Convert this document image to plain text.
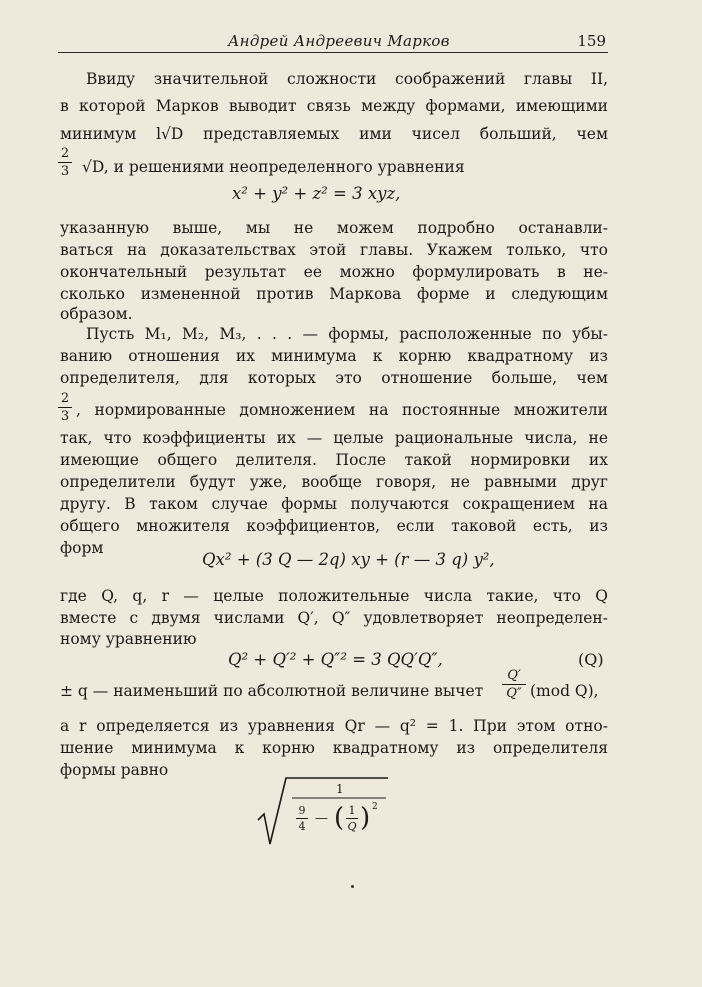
Андрей Андреевич Марков	159
Ввиду значительной сложности соображений главы II,
в которой Марков выводит связь между формами, имеющими
минимум l√D представляемых ими чисел больший, чем
2
3 √D, и решениями неопределенного уравнения
x² + y² + z² = 3 xyz,
указанную выше, мы не можем подробно останавли-
ваться на доказательствах этой главы. Укажем только, что
окончательный результат ее можно формулировать в не-
сколько измененной против Маркова форме и следующим
образом.
Пусть M₁, M₂, M₃, . . . — формы, расположенные по убы-
ванию отношения их минимума к корню квадратному из
определителя, для которых это отношение больше, чем
2
3 , нормированные домножением на постоянные множители
так, что коэффициенты их — целые рациональные числа, не
имеющие общего делителя. После такой нормировки их
определители будут уже, вообще говоря, не равными друг
другу. В таком случае формы получаются сокращением на
общего множителя коэффициентов, если таковой есть, из
форм
Qx² + (3 Q — 2q) xy + (r — 3 q) y²,
где Q, q, r — целые положительные числа такие, что Q
вместе с двумя числами Q′, Q″ удовлетворяет неопределен-
ному уравнению
Q² + Q′² + Q″² = 3 QQ′Q″,	(Q)
± q — наименьший по абсолютной величине вычет
Q′
Q″ (mod Q),
а r определяется из уравнения Qr — q² = 1. При этом отно-
шение минимума к корню квадратному из определителя
формы равно
1
9
4
— ( 1
Q ) 2
